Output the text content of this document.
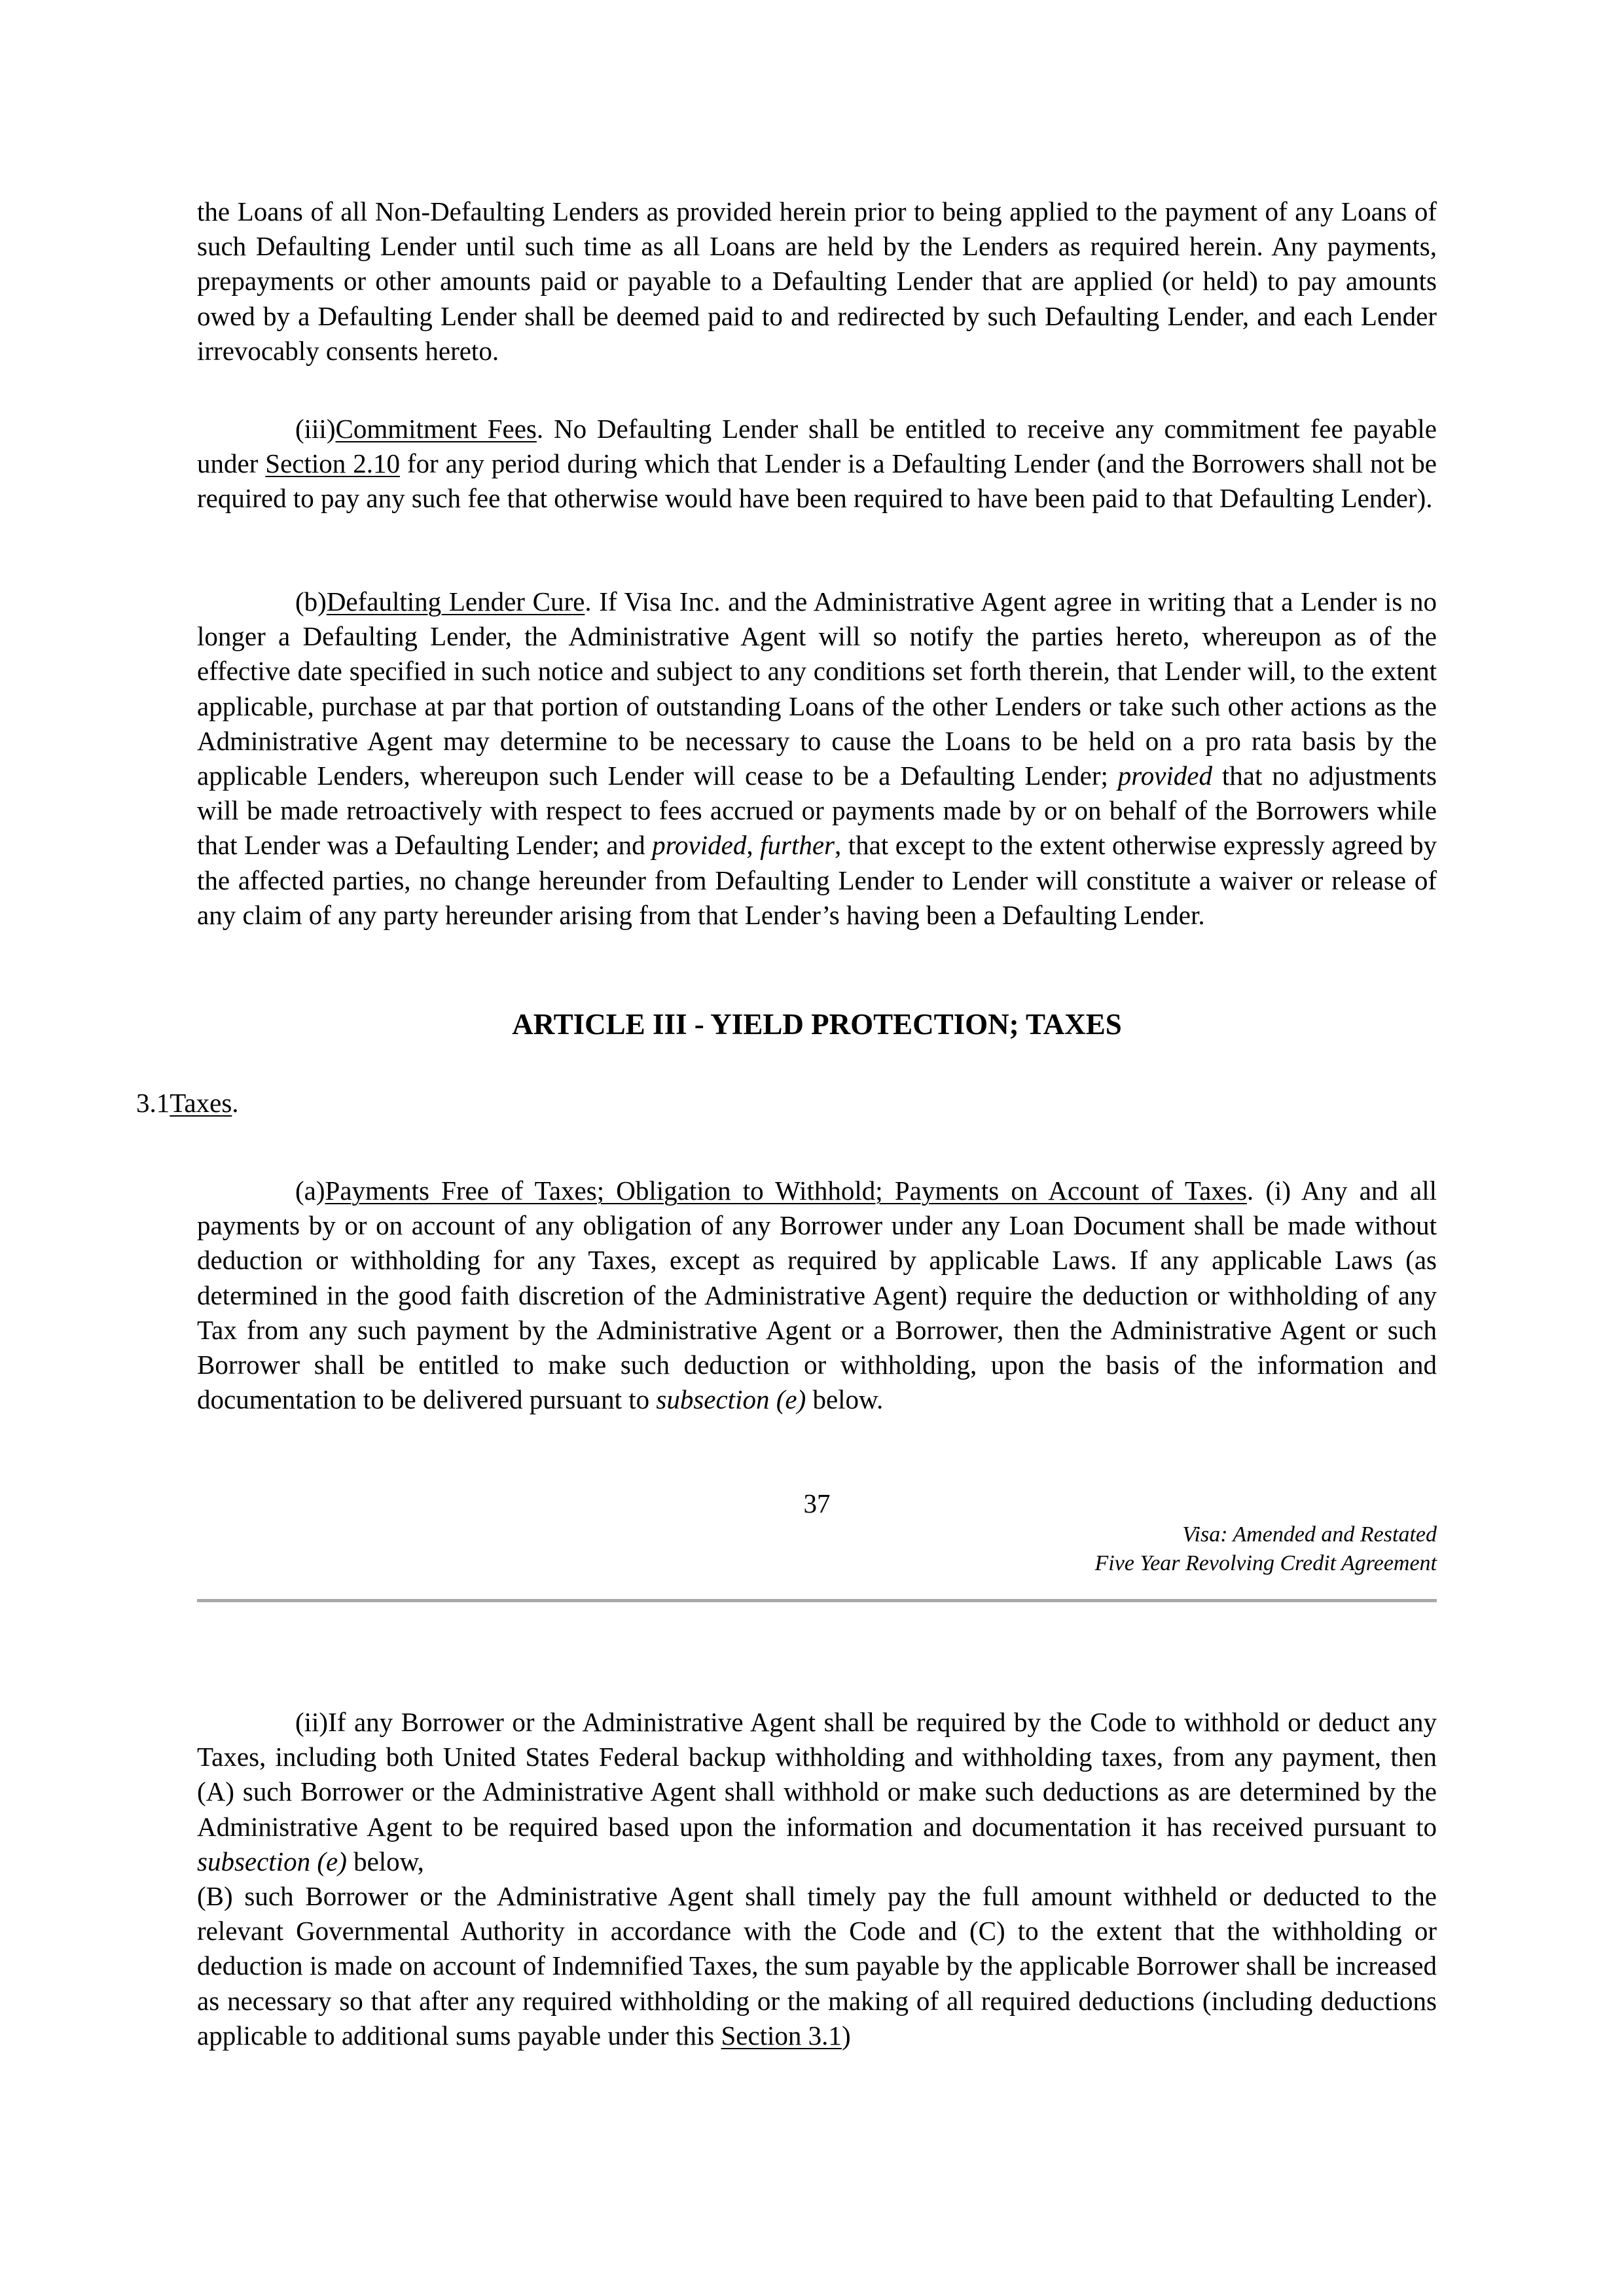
the Loans of all Non-Defaulting Lenders as provided herein prior to being applied to the payment of any Loans of such Defaulting Lender until such time as all Loans are held by the Lenders as required herein. Any payments, prepayments or other amounts paid or payable to a Defaulting Lender that are applied (or held) to pay amounts owed by a Defaulting Lender shall be deemed paid to and redirected by such Defaulting Lender, and each Lender irrevocably consents hereto.

(iii)Commitment Fees. No Defaulting Lender shall be entitled to receive any commitment fee payable under Section 2.10 for any period during which that Lender is a Defaulting Lender (and the Borrowers shall not be required to pay any such fee that otherwise would have been required to have been paid to that Defaulting Lender).

(b)Defaulting Lender Cure. If Visa Inc. and the Administrative Agent agree in writing that a Lender is no longer a Defaulting Lender, the Administrative Agent will so notify the parties hereto, whereupon as of the effective date specified in such notice and subject to any conditions set forth therein, that Lender will, to the extent applicable, purchase at par that portion of outstanding Loans of the other Lenders or take such other actions as the Administrative Agent may determine to be necessary to cause the Loans to be held on a pro rata basis by the applicable Lenders, whereupon such Lender will cease to be a Defaulting Lender; provided that no adjustments will be made retroactively with respect to fees accrued or payments made by or on behalf of the Borrowers while that Lender was a Defaulting Lender; and provided, further, that except to the extent otherwise expressly agreed by the affected parties, no change hereunder from Defaulting Lender to Lender will constitute a waiver or release of any claim of any party hereunder arising from that Lender’s having been a Defaulting Lender.

ARTICLE III - YIELD PROTECTION; TAXES
3.1Taxes.

(a)Payments Free of Taxes; Obligation to Withhold; Payments on Account of Taxes. (i) Any and all payments by or on account of any obligation of any Borrower under any Loan Document shall be made without deduction or withholding for any Taxes, except as required by applicable Laws. If any applicable Laws (as determined in the good faith discretion of the Administrative Agent) require the deduction or withholding of any Tax from any such payment by the Administrative Agent or a Borrower, then the Administrative Agent or such Borrower shall be entitled to make such deduction or withholding, upon the basis of the information and documentation to be delivered pursuant to subsection (e) below.

37
Visa: Amended and Restated
Five Year Revolving Credit Agreement

(ii)If any Borrower or the Administrative Agent shall be required by the Code to withhold or deduct any Taxes, including both United States Federal backup withholding and withholding taxes, from any payment, then (A) such Borrower or the Administrative Agent shall withhold or make such deductions as are determined by the Administrative Agent to be required based upon the information and documentation it has received pursuant to subsection (e) below,

(B) such Borrower or the Administrative Agent shall timely pay the full amount withheld or deducted to the relevant Governmental Authority in accordance with the Code and (C) to the extent that the withholding or deduction is made on account of Indemnified Taxes, the sum payable by the applicable Borrower shall be increased as necessary so that after any required withholding or the making of all required deductions (including deductions applicable to additional sums payable under this Section 3.1)
